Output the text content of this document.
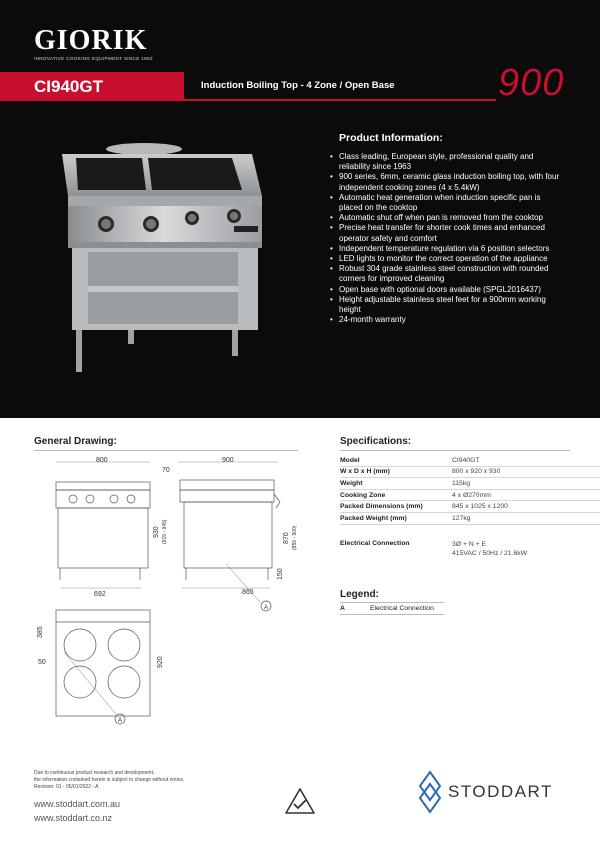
GIORIK
INNOVATIVE COOKING EQUIPMENT SINCE 1963
CI940GT	Induction Boiling Top - 4 Zone / Open Base	900
Product Information:
• Class leading, European style, professional quality and reliability since 1963
• 900 series, 6mm, ceramic glass induction boiling top, with four independent cooking zones (4 x 5.4kW)
• Automatic heat generation when induction specific pan is placed on the cooktop
• Automatic shut off when pan is removed from the cooktop
• Precise heat transfer for shorter cook times and enhanced operator safety and comfort
• Independent temperature regulation via 6 position selectors
• LED lights to monitor the correct operation of the appliance
• Robust 304 grade stainless steel construction with rounded corners for improved cleaning
• Open base with optional doors available (SPGL2016437)
• Height adjustable stainless steel feet for a 900mm working height
• 24-month warranty
General Drawing:
800
692
930 (915 - 945)
900
70
865
870 (855 - 900)
150
A
385
50	920
A
Specifications:
Model	CI940GT
W x D x H (mm)	800 x 920 x 930
Weight	115kg
Cooking Zone	4 x Ø270mm
Packed Dimensions (mm)	845 x 1025 x 1200
Packed Weight (mm)	127kg
Electrical Connection	3Ø + N + E
415VAC / 50Hz / 21.6kW
Legend:
A	Electrical Connection
Due to continuous product research and development,
the information contained herein is subject to change without notice.
Revision: 01 - 05/01/2022 - A
www.stoddart.com.au
www.stoddart.co.nz
STODDART
